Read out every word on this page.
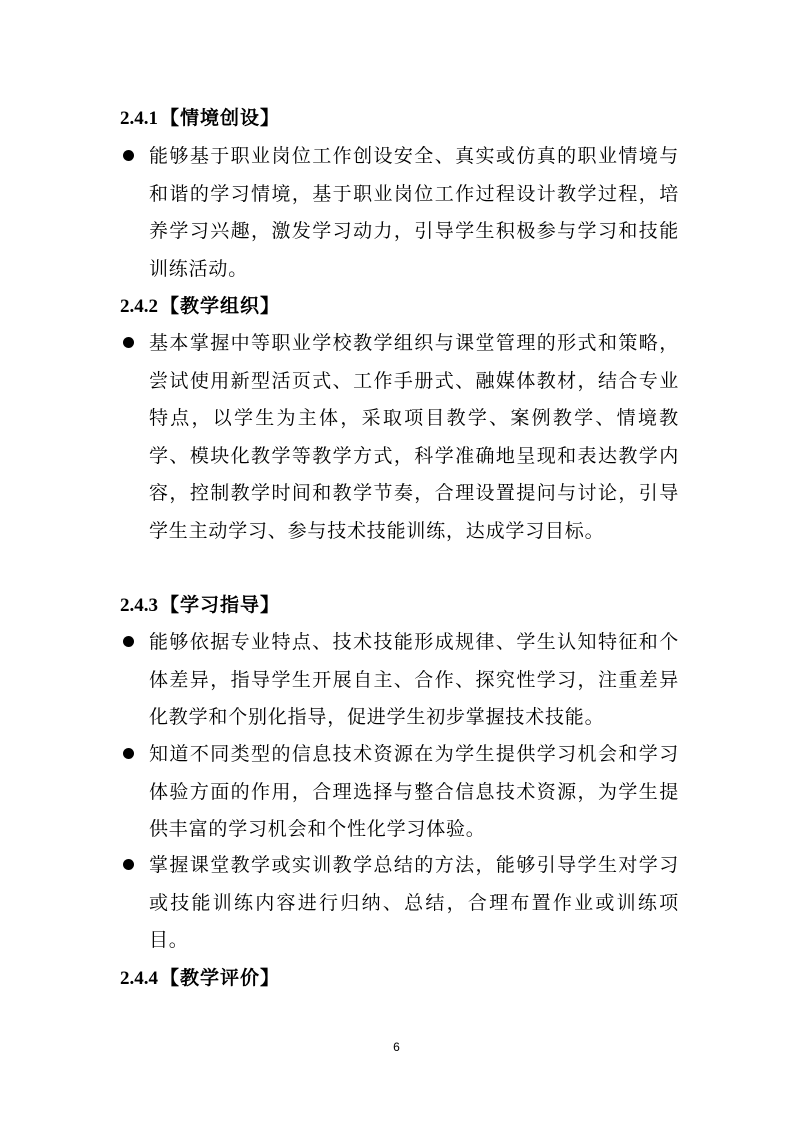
2.4.1 【情境创设】
能够基于职业岗位工作创设安全、真实或仿真的职业情境与和谐的学习情境，基于职业岗位工作过程设计教学过程，培养学习兴趣，激发学习动力，引导学生积极参与学习和技能训练活动。
2.4.2 【教学组织】
基本掌握中等职业学校教学组织与课堂管理的形式和策略，尝试使用新型活页式、工作手册式、融媒体教材，结合专业特点，以学生为主体，采取项目教学、案例教学、情境教学、模块化教学等教学方式，科学准确地呈现和表达教学内容，控制教学时间和教学节奏，合理设置提问与讨论，引导学生主动学习、参与技术技能训练，达成学习目标。
2.4.3 【学习指导】
能够依据专业特点、技术技能形成规律、学生认知特征和个体差异，指导学生开展自主、合作、探究性学习，注重差异化教学和个别化指导，促进学生初步掌握技术技能。
知道不同类型的信息技术资源在为学生提供学习机会和学习体验方面的作用，合理选择与整合信息技术资源，为学生提供丰富的学习机会和个性化学习体验。
掌握课堂教学或实训教学总结的方法，能够引导学生对学习或技能训练内容进行归纳、总结，合理布置作业或训练项目。
2.4.4 【教学评价】
6
